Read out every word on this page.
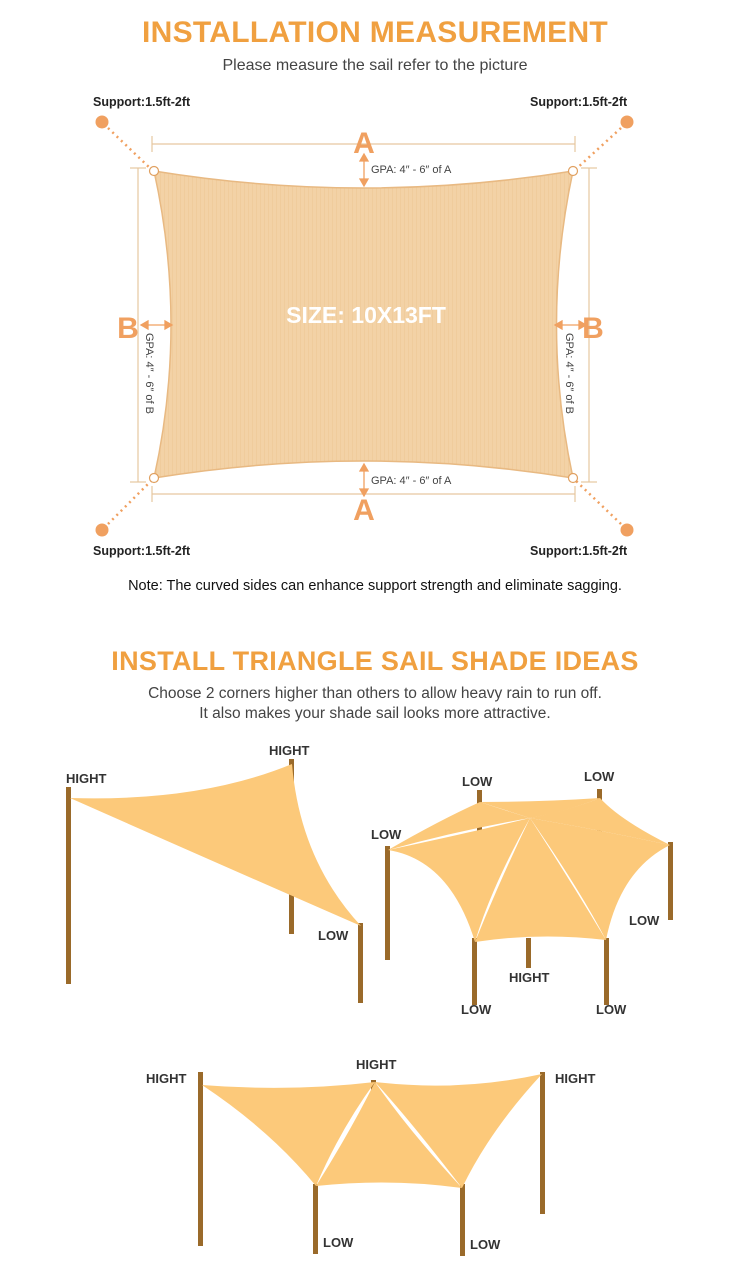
INSTALLATION MEASUREMENT
Please measure the sail refer to the picture
Support:1.5ft-2ft	Support:1.5ft-2ft
Support:1.5ft-2ft	Support:1.5ft-2ft
A
A
B	B
GPA: 4″ - 6″ of A
GPA: 4″ - 6″ of A
GPA: 4″ - 6″ of B	GPA: 4″ - 6″ of B
SIZE: 10X13FT
Note: The curved sides can enhance support strength and eliminate sagging.
INSTALL TRIANGLE SAIL SHADE IDEAS
Choose 2 corners higher than others to allow heavy rain to run off.
It also makes your shade sail looks more attractive.
HIGHT
HIGHT
LOW
LOW	LOW
LOW
LOW
HIGHT
LOW	LOW
HIGHT
HIGHT
HIGHT
LOW	LOW
